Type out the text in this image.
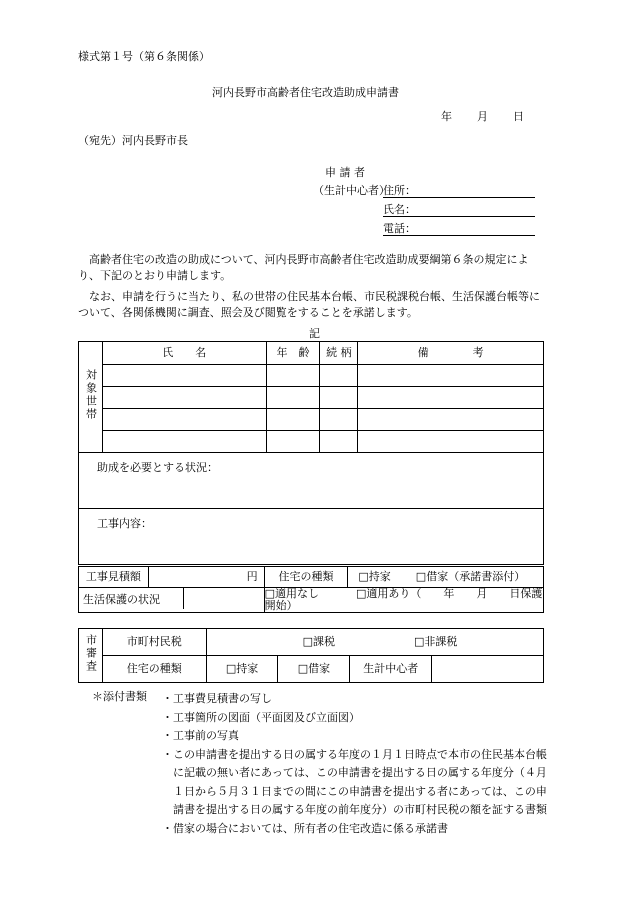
様式第１号（第６条関係）
河内長野市高齢者住宅改造助成申請書
年 月 日
（宛先）河内長野市長
申 請 者
（生計中心者）
住所：
氏名：
電話：
　高齢者住宅の改造の助成について、河内長野市高齢者住宅改造助成要綱第６条の規定により、下記のとおり申請します。
　なお、申請を行うに当たり、私の世帯の住民基本台帳、市民税課税台帳、生活保護台帳等について、各関係機関に調査、照会及び閲覧をすることを承諾します。
記
対象世帯	氏　　名	年　齢	続 柄	備　　　　考

助成を必要とする状況：				
工事内容：				
工事見積額	円	住宅の種類	□持家 □借家（承諾書添付）
生活保護の状況		□適用なし □適用あり（　　年　　月　　日保護開始）	
市審査	市町村民税	□課税 □非課税			
	住宅の種類	□持家	□借家	生計中心者	
＊添付書類 ・工事費見積書の写し
・工事箇所の図面（平面図及び立面図）
・工事前の写真
・この申請書を提出する日の属する年度の１月１日時点で本市の住民基本台帳に記載の無い者にあっては、この申請書を提出する日の属する年度分（４月１日から５月３１日までの間にこの申請書を提出する者にあっては、この申請書を提出する日の属する年度の前年度分）の市町村民税の額を証する書類
・借家の場合においては、所有者の住宅改造に係る承諾書
